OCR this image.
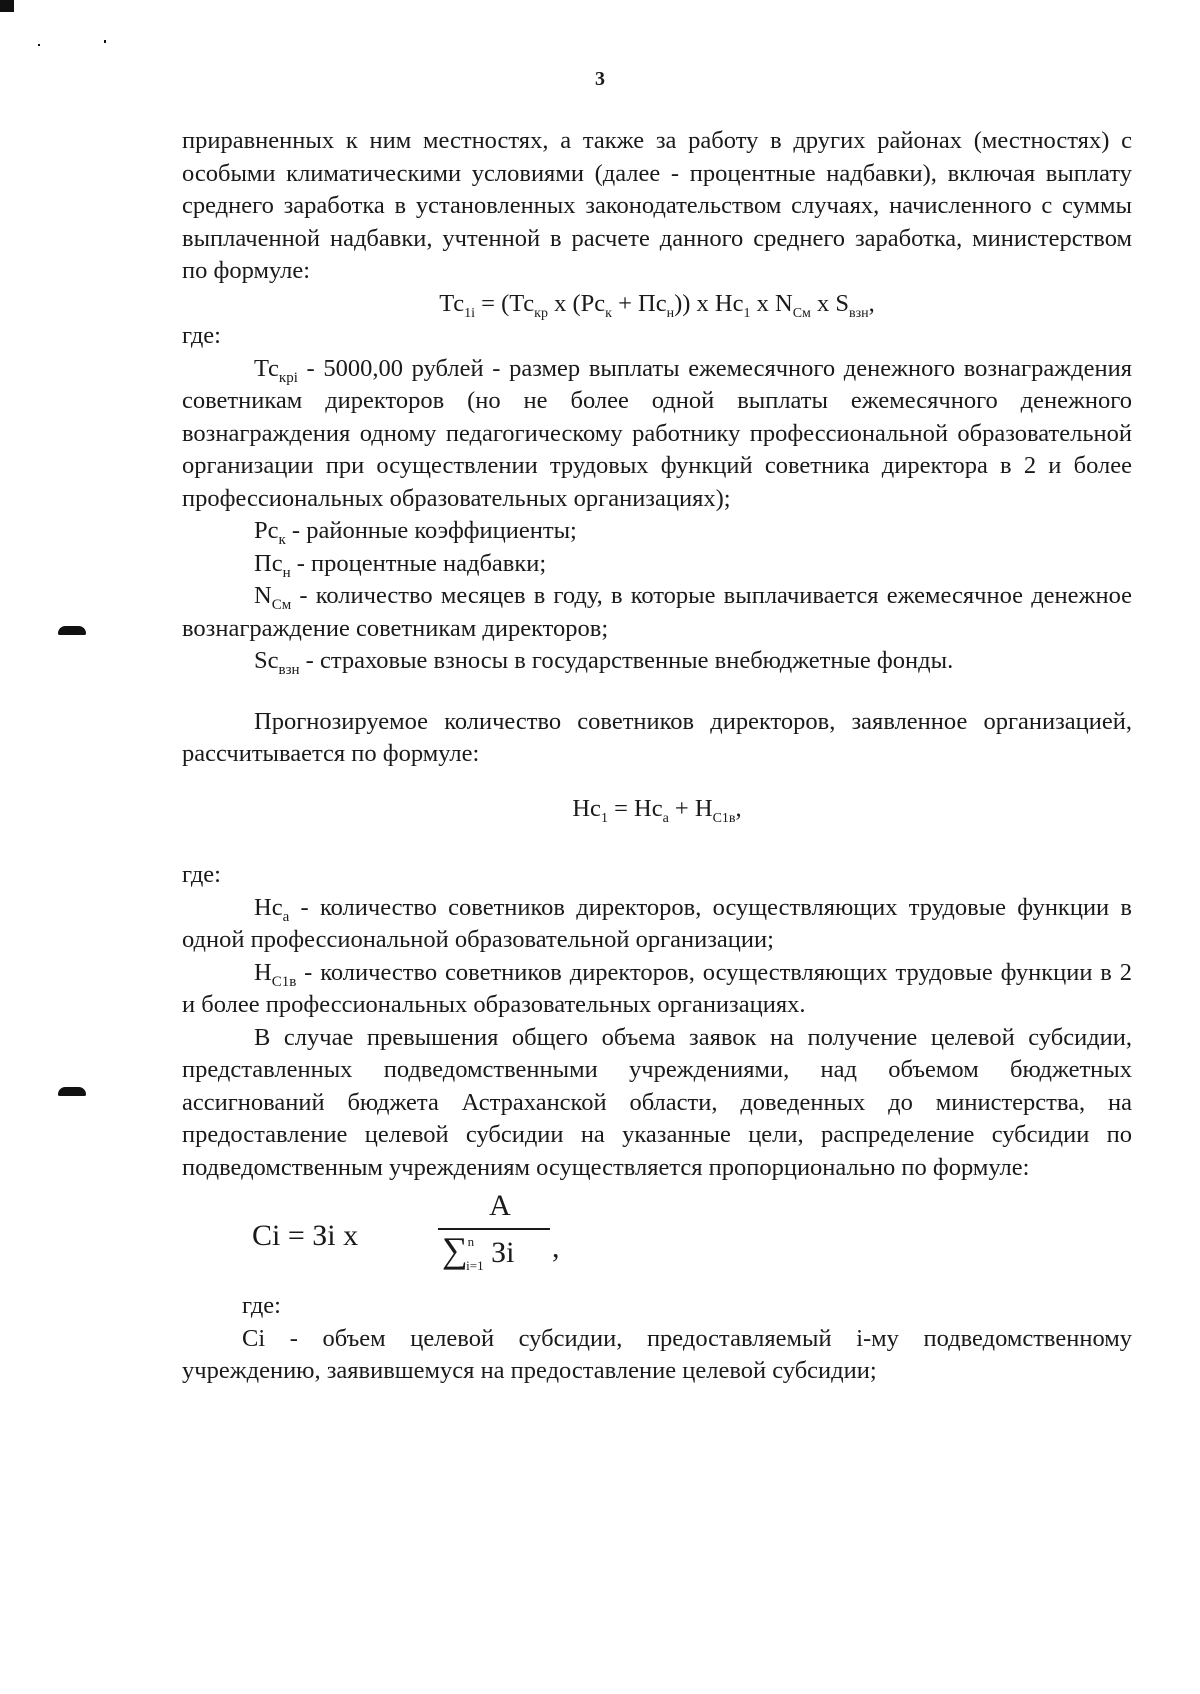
3

приравненных к ним местностях, а также за работу в других районах (местностях) с особыми климатическими условиями (далее - процентные надбавки), включая выплату среднего заработка в установленных законодательством случаях, начисленного с суммы выплаченной надбавки, учтенной в расчете данного среднего заработка, министерством по формуле:

$Тс_{1i} = (Тс_{кр}$ х $(Рс_к + Пс_н)$) х $Нс_1$ х $N_{См}$ х $S_{взн}$,

где:

$Тс_{крi} - 5000,00$ рублей - размер выплаты ежемесячного денежного вознаграждения советникам директоров (но не более одной выплаты ежемесячного денежного вознаграждения одному педагогическому работнику профессиональной образовательной организации при осуществлении трудовых функций советника директора в 2 и более профессиональных образовательных организациях);

$Рс_к$ - районные коэффициенты;

$Пс_н$ - процентные надбавки;

$N_{См}$ - количество месяцев в году, в которые выплачивается ежемесячное денежное вознаграждение советникам директоров;

$Sc_{взн}$ - страховые взносы в государственные внебюджетные фонды.

Прогнозируемое количество советников директоров, заявленное организацией, рассчитывается по формуле:

$Нс_1 = Нс_а + Н_{С1в}$,

где:

$Нс_а$ - количество советников директоров, осуществляющих трудовые функции в одной профессиональной образовательной организации;

$Н_{С1в}$ - количество советников директоров, осуществляющих трудовые функции в 2 и более профессиональных образовательных организациях.

В случае превышения общего объема заявок на получение целевой субсидии, представленных подведомственными учреждениями, над объемом бюджетных ассигнований бюджета Астраханской области, доведенных до министерства, на предоставление целевой субсидии на указанные цели, распределение субсидии по подведомственным учреждениям осуществляется пропорционально по формуле:

Сi = Зi х
А
∑$^n_{i=1}$ Зi ,

где:

Сi - объем целевой субсидии, предоставляемый i-му подведомственному учреждению, заявившемуся на предоставление целевой субсидии;
